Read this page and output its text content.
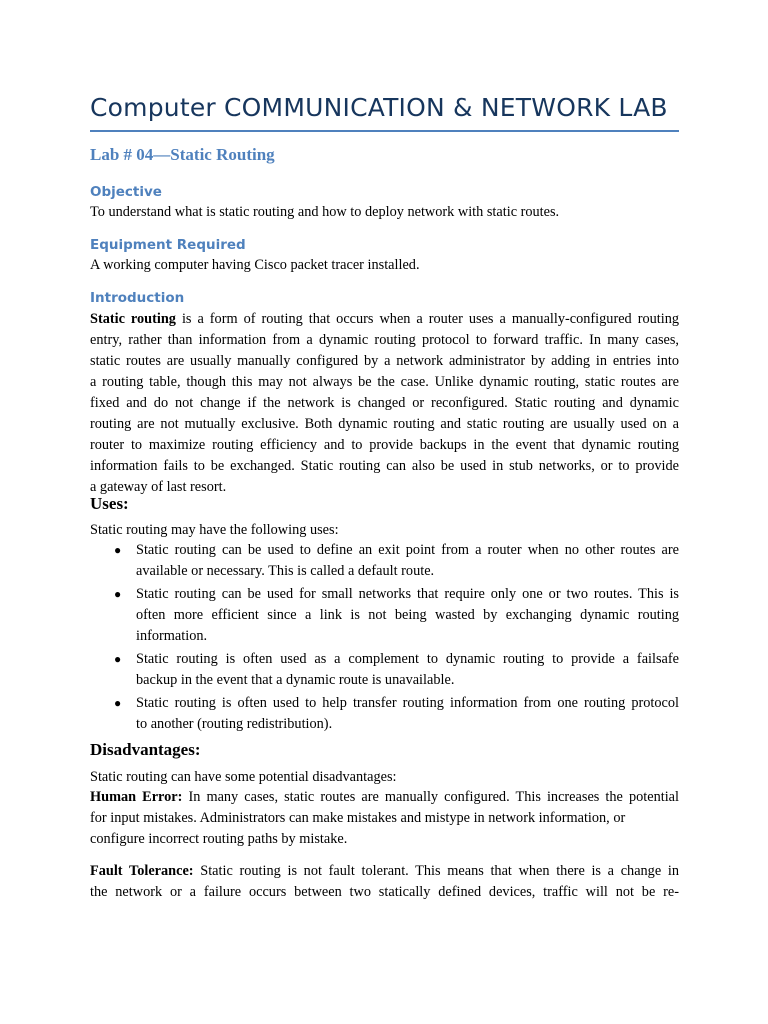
Computer COMMUNICATION & NETWORK LAB
Lab # 04—Static Routing
Objective
To understand what is static routing and how to deploy network with static routes.
Equipment Required
A working computer having Cisco packet tracer installed.
Introduction
Static routing is a form of routing that occurs when a router uses a manually-configured routing
entry, rather than information from a dynamic routing protocol to forward traffic. In many cases,
static routes are usually manually configured by a network administrator by adding in entries into
a routing table, though this may not always be the case. Unlike dynamic routing, static routes are
fixed and do not change if the network is changed or reconfigured. Static routing and dynamic
routing are not mutually exclusive. Both dynamic routing and static routing are usually used on a
router to maximize routing efficiency and to provide backups in the event that dynamic routing
information fails to be exchanged. Static routing can also be used in stub networks, or to provide
a gateway of last resort.
Uses:
Static routing may have the following uses:
● Static routing can be used to define an exit point from a router when no other routes are
available or necessary. This is called a default route.
● Static routing can be used for small networks that require only one or two routes. This is
often more efficient since a link is not being wasted by exchanging dynamic routing
information.
● Static routing is often used as a complement to dynamic routing to provide a failsafe
backup in the event that a dynamic route is unavailable.
● Static routing is often used to help transfer routing information from one routing protocol
to another (routing redistribution).
Disadvantages:
Static routing can have some potential disadvantages:
Human Error: In many cases, static routes are manually configured. This increases the potential
for input mistakes. Administrators can make mistakes and mistype in network information, or
configure incorrect routing paths by mistake.
Fault Tolerance: Static routing is not fault tolerant. This means that when there is a change in
the network or a failure occurs between two statically defined devices, traffic will not be re-
